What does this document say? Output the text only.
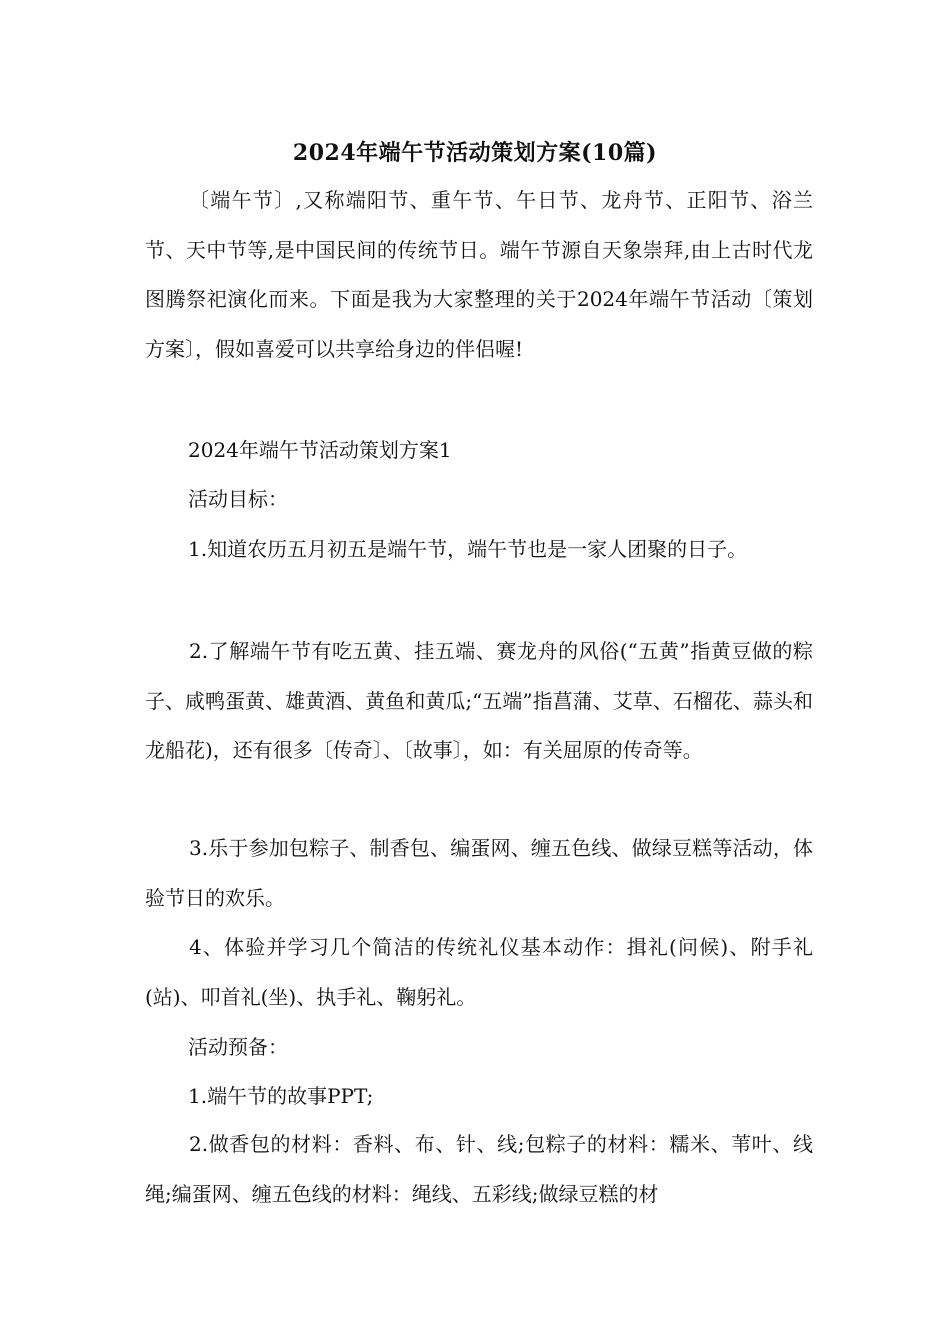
2024年端午节活动策划方案(10篇)

〔端午节〕,又称端阳节、重午节、午日节、龙舟节、正阳节、浴兰节、天中节等,是中国民间的传统节日。端午节源自天象崇拜,由上古时代龙图腾祭祀演化而来。下面是我为大家整理的关于2024年端午节活动〔策划方案〕，假如喜爱可以共享给身边的伴侣喔!

2024年端午节活动策划方案1

活动目标：

1.知道农历五月初五是端午节，端午节也是一家人团聚的日子。

2.了解端午节有吃五黄、挂五端、赛龙舟的风俗(“五黄”指黄豆做的粽子、咸鸭蛋黄、雄黄酒、黄鱼和黄瓜;“五端”指菖蒲、艾草、石榴花、蒜头和龙船花)，还有很多〔传奇〕、〔故事〕，如：有关屈原的传奇等。

3.乐于参加包粽子、制香包、编蛋网、缠五色线、做绿豆糕等活动，体验节日的欢乐。

4、体验并学习几个简洁的传统礼仪基本动作：揖礼(问候)、附手礼(站)、叩首礼(坐)、执手礼、鞠躬礼。

活动预备：

1.端午节的故事PPT;

2.做香包的材料：香料、布、针、线;包粽子的材料：糯米、苇叶、线绳;编蛋网、缠五色线的材料：绳线、五彩线;做绿豆糕的材
